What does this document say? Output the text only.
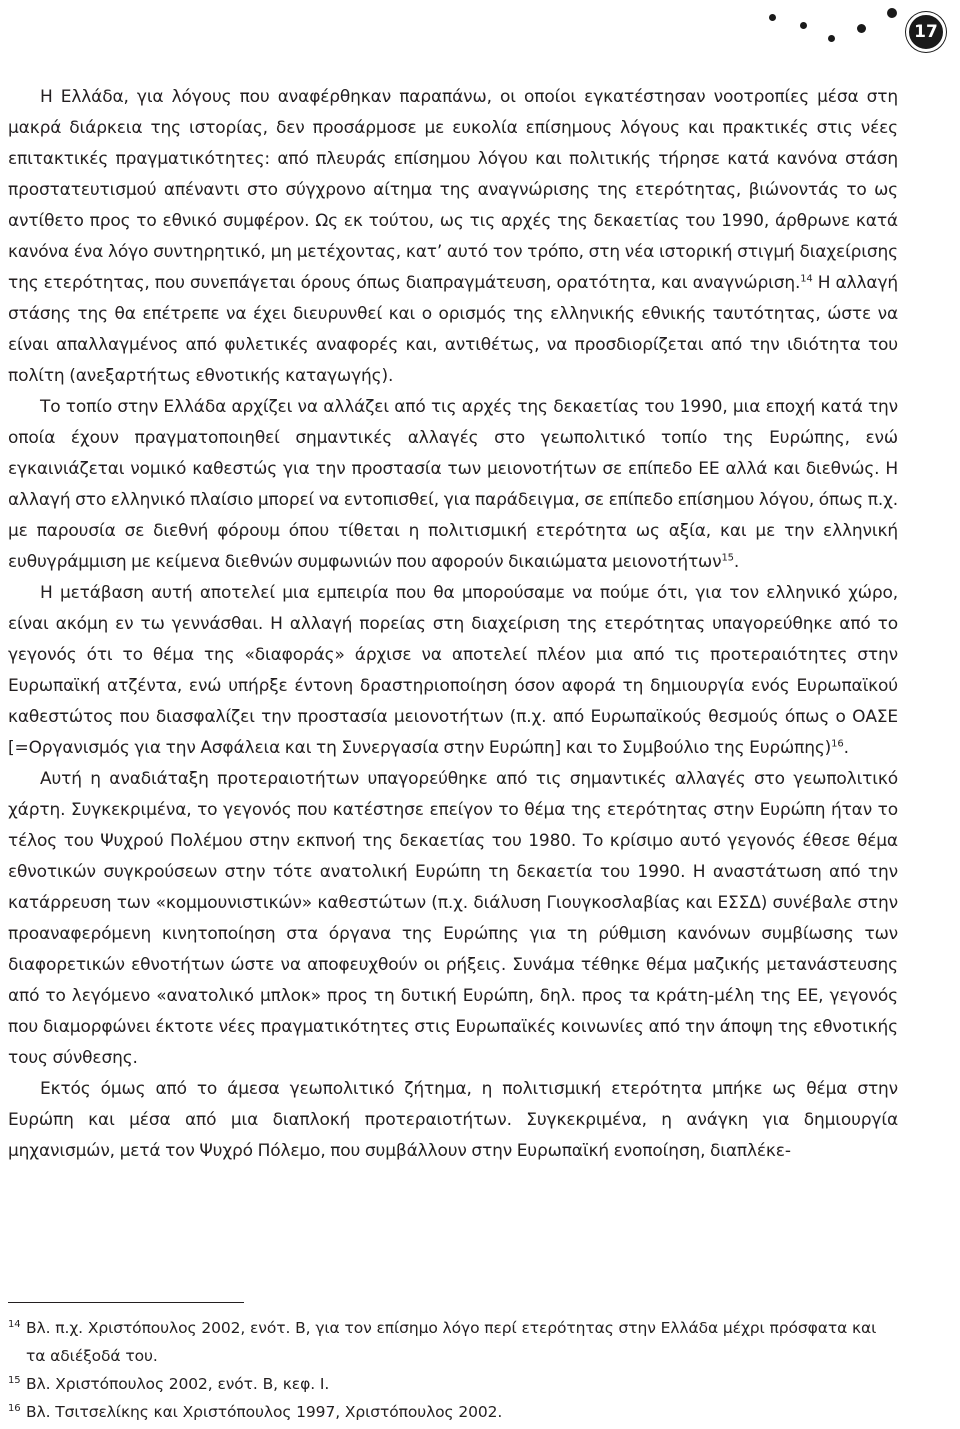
17

Η Ελλάδα, για λόγους που αναφέρθηκαν παραπάνω, οι οποίοι εγκατέστησαν νοοτροπίες μέσα στη μακρά διάρκεια της ιστορίας, δεν προσάρμοσε με ευκολία επίσημους λόγους και πρακτικές στις νέες επιτακτικές πραγματικότητες: από πλευράς επίσημου λόγου και πολιτικής τήρησε κατά κανόνα στάση προστατευτισμού απέναντι στο σύγχρονο αίτημα της αναγνώρισης της ετερότητας, βιώνοντάς το ως αντίθετο προς το εθνικό συμφέρον. Ως εκ τούτου, ως τις αρχές της δεκαετίας του 1990, άρθρωνε κατά κανόνα ένα λόγο συντηρητικό, μη μετέχοντας, κατ’ αυτό τον τρόπο, στη νέα ιστορική στιγμή διαχείρισης της ετερότητας, που συνεπάγεται όρους όπως διαπραγμάτευση, ορατότητα, και αναγνώριση.$^{14}$ Η αλλαγή στάσης της θα επέτρεπε να έχει διευρυνθεί και ο ορισμός της ελληνικής εθνικής ταυτότητας, ώστε να είναι απαλλαγμένος από φυλετικές αναφορές και, αντιθέτως, να προσδιορίζεται από την ιδιότητα του πολίτη (ανεξαρτήτως εθνοτικής καταγωγής).

Το τοπίο στην Ελλάδα αρχίζει να αλλάζει από τις αρχές της δεκαετίας του 1990, μια εποχή κατά την οποία έχουν πραγματοποιηθεί σημαντικές αλλαγές στο γεωπολιτικό τοπίο της Ευρώπης, ενώ εγκαινιάζεται νομικό καθεστώς για την προστασία των μειονοτήτων σε επίπεδο ΕΕ αλλά και διεθνώς. Η αλλαγή στο ελληνικό πλαίσιο μπορεί να εντοπισθεί, για παράδειγμα, σε επίπεδο επίσημου λόγου, όπως π.χ. με παρουσία σε διεθνή φόρουμ όπου τίθεται η πολιτισμική ετερότητα ως αξία, και με την ελληνική ευθυγράμμιση με κείμενα διεθνών συμφωνιών που αφορούν δικαιώματα μειονοτήτων$^{15}$.

Η μετάβαση αυτή αποτελεί μια εμπειρία που θα μπορούσαμε να πούμε ότι, για τον ελληνικό χώρο, είναι ακόμη εν τω γεννάσθαι. Η αλλαγή πορείας στη διαχείριση της ετερότητας υπαγορεύθηκε από το γεγονός ότι το θέμα της «διαφοράς» άρχισε να αποτελεί πλέον μια από τις προτεραιότητες στην Ευρωπαϊκή ατζέντα, ενώ υπήρξε έντονη δραστηριοποίηση όσον αφορά τη δημιουργία ενός Ευρωπαϊκού καθεστώτος που διασφαλίζει την προστασία μειονοτήτων (π.χ. από Ευρωπαϊκούς θεσμούς όπως ο ΟΑΣΕ [=Οργανισμός για την Ασφάλεια και τη Συνεργασία στην Ευρώπη] και το Συμβούλιο της Ευρώπης)$^{16}$.

Αυτή η αναδιάταξη προτεραιοτήτων υπαγορεύθηκε από τις σημαντικές αλλαγές στο γεωπολιτικό χάρτη. Συγκεκριμένα, το γεγονός που κατέστησε επείγον το θέμα της ετερότητας στην Ευρώπη ήταν το τέλος του Ψυχρού Πολέμου στην εκπνοή της δεκαετίας του 1980. Το κρίσιμο αυτό γεγονός έθεσε θέμα εθνοτικών συγκρούσεων στην τότε ανατολική Ευρώπη τη δεκαετία του 1990. Η αναστάτωση από την κατάρρευση των «κομμουνιστικών» καθεστώτων (π.χ. διάλυση Γιουγκοσλαβίας και ΕΣΣΔ) συνέβαλε στην προαναφερόμενη κινητοποίηση στα όργανα της Ευρώπης για τη ρύθμιση κανόνων συμβίωσης των διαφορετικών εθνοτήτων ώστε να αποφευχθούν οι ρήξεις. Συνάμα τέθηκε θέμα μαζικής μετανάστευσης από το λεγόμενο «ανατολικό μπλοκ» προς τη δυτική Ευρώπη, δηλ. προς τα κράτη-μέλη της ΕΕ, γεγονός που διαμορφώνει έκτοτε νέες πραγματικότητες στις Ευρωπαϊκές κοινωνίες από την άποψη της εθνοτικής τους σύνθεσης.

Εκτός όμως από το άμεσα γεωπολιτικό ζήτημα, η πολιτισμική ετερότητα μπήκε ως θέμα στην Ευρώπη και μέσα από μια διαπλοκή προτεραιοτήτων. Συγκεκριμένα, η ανάγκη για δημιουργία μηχανισμών, μετά τον Ψυχρό Πόλεμο, που συμβάλλουν στην Ευρωπαϊκή ενοποίηση, διαπλέκε-

$^{14}$ Βλ. π.χ. Χριστόπουλος 2002, ενότ. Β, για τον επίσημο λόγο περί ετερότητας στην Ελλάδα μέχρι πρόσφατα και τα αδιέξοδά του.

$^{15}$ Βλ. Χριστόπουλος 2002, ενότ. Β, κεφ. Ι.

$^{16}$ Βλ. Τσιτσελίκης και Χριστόπουλος 1997, Χριστόπουλος 2002.
